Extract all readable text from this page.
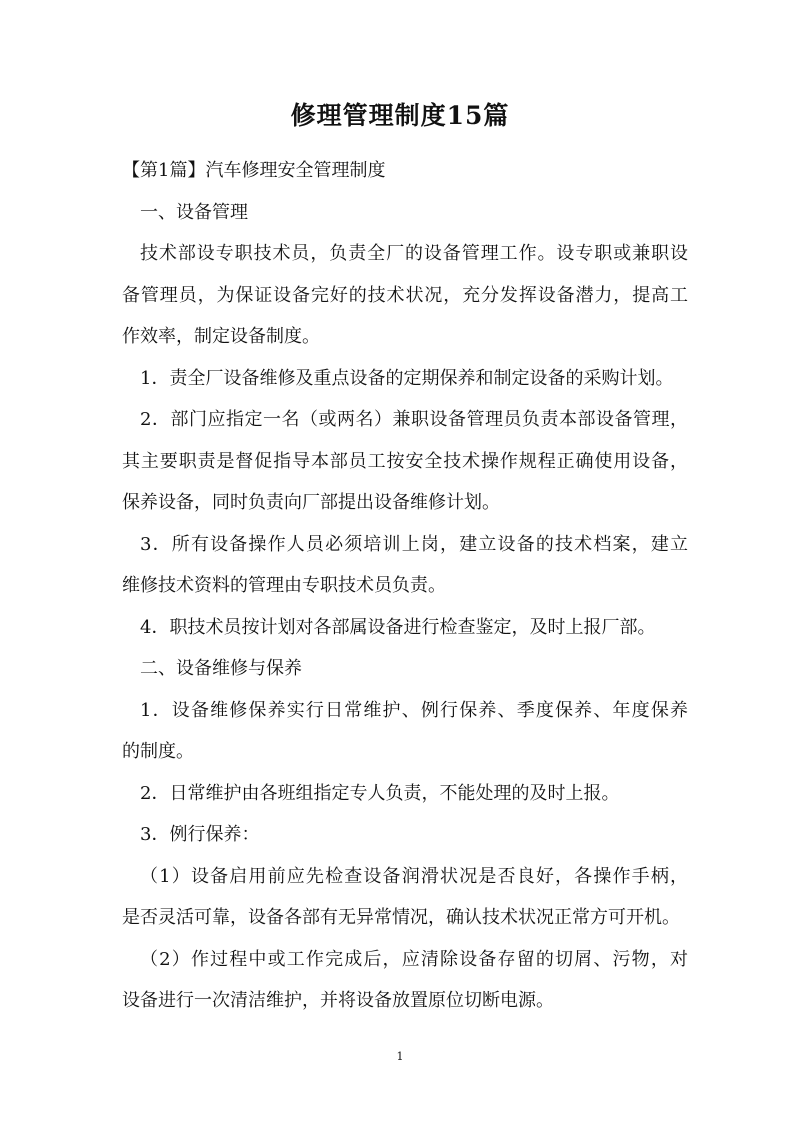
修理管理制度15篇
【第1篇】汽车修理安全管理制度
一、设备管理
技术部设专职技术员，负责全厂的设备管理工作。设专职或兼职设
备管理员，为保证设备完好的技术状况，充分发挥设备潜力，提高工
作效率，制定设备制度。
1．责全厂设备维修及重点设备的定期保养和制定设备的采购计划。
2．部门应指定一名（或两名）兼职设备管理员负责本部设备管理，
其主要职责是督促指导本部员工按安全技术操作规程正确使用设备，
保养设备，同时负责向厂部提出设备维修计划。
3．所有设备操作人员必须培训上岗，建立设备的技术档案，建立
维修技术资料的管理由专职技术员负责。
4．职技术员按计划对各部属设备进行检查鉴定，及时上报厂部。
二、设备维修与保养
1．设备维修保养实行日常维护、例行保养、季度保养、年度保养
的制度。
2．日常维护由各班组指定专人负责，不能处理的及时上报。
3．例行保养：
（1）设备启用前应先检查设备润滑状况是否良好，各操作手柄，
是否灵活可靠，设备各部有无异常情况，确认技术状况正常方可开机。
（2）作过程中或工作完成后，应清除设备存留的切屑、污物，对
设备进行一次清洁维护，并将设备放置原位切断电源。
1
